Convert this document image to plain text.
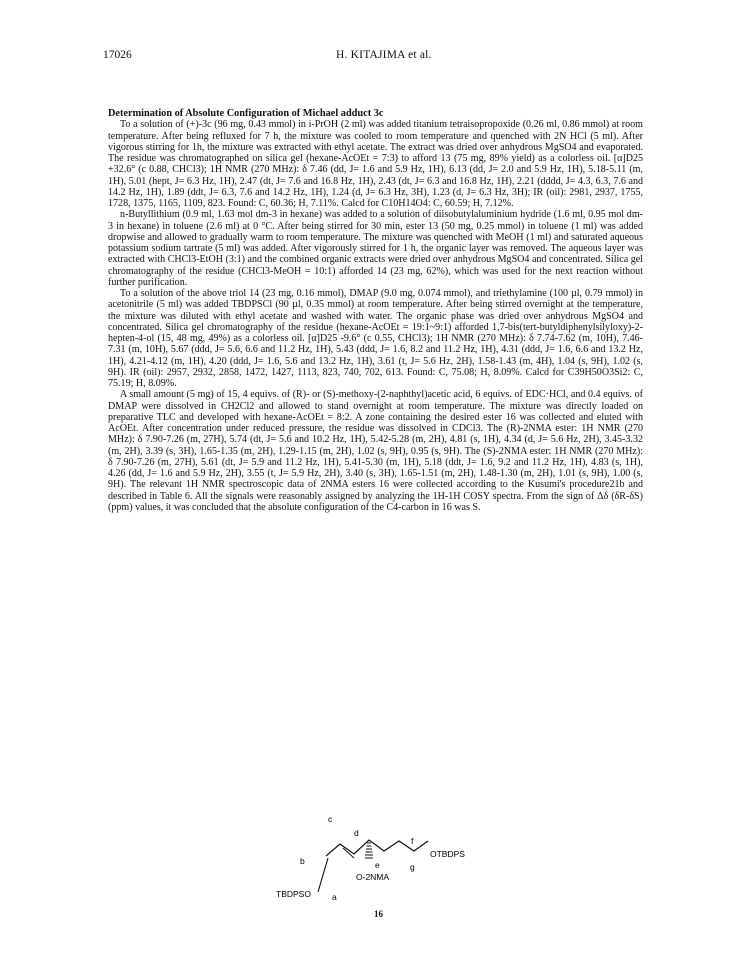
17026	H. KITAJIMA et al.

Determination of Absolute Configuration of Michael adduct 3c

To a solution of (+)-3c (96 mg, 0.43 mmol) in i-PrOH (2 ml) was added titanium tetraisopropoxide (0.26 ml, 0.86 mmol) at room temperature. After being refluxed for 7 h, the mixture was cooled to room temperature and quenched with 2N HCl (5 ml). After vigorous stirring for 1h, the mixture was extracted with ethyl acetate. The extract was dried over anhydrous MgSO4 and evaporated. The residue was chromatographed on silica gel (hexane-AcOEt = 7:3) to afford 13 (75 mg, 89% yield) as a colorless oil. [α]D25 +32.6° (c 0.88, CHCl3); 1H NMR (270 MHz): δ 7.46 (dd, J= 1.6 and 5.9 Hz, 1H), 6.13 (dd, J= 2.0 and 5.9 Hz, 1H), 5.18-5.11 (m, 1H), 5.01 (hept, J= 6.3 Hz, 1H), 2.47 (dt, J= 7.6 and 16.8 Hz, 1H), 2.43 (dt, J= 6.3 and 16.8 Hz, 1H), 2.21 (dddd, J= 4.3, 6.3, 7.6 and 14.2 Hz, 1H), 1.89 (ddt, J= 6.3, 7.6 and 14.2 Hz, 1H), 1.24 (d, J= 6.3 Hz, 3H), 1.23 (d, J= 6.3 Hz, 3H); IR (oil): 2981, 2937, 1755, 1728, 1375, 1165, 1109, 823. Found: C, 60.36; H, 7.11%. Calcd for C10H14O4: C, 60.59; H, 7.12%.

n-Butyllithium (0.9 ml, 1.63 mol dm-3 in hexane) was added to a solution of diisobutylaluminium hydride (1.6 ml, 0.95 mol dm-3 in hexane) in toluene (2.6 ml) at 0 °C. After being stirred for 30 min, ester 13 (50 mg, 0.25 mmol) in toluene (1 ml) was added dropwise and allowed to gradually warm to room temperature. The mixture was quenched with MeOH (1 ml) and saturated aqueous potassium sodium tartrate (5 ml) was added. After vigorously stirred for 1 h, the organic layer was removed. The aqueous layer was extracted with CHCl3-EtOH (3:1) and the combined organic extracts were dried over anhydrous MgSO4 and concentrated. Silica gel chromatography of the residue (CHCl3-MeOH = 10:1) afforded 14 (23 mg, 62%), which was used for the next reaction without further purification.

To a solution of the above triol 14 (23 mg, 0.16 mmol), DMAP (9.0 mg, 0.074 mmol), and triethylamine (100 µl, 0.79 mmol) in acetonitrile (5 ml) was added TBDPSCl (90 µl, 0.35 mmol) at room temperature. After being stirred overnight at the temperature, the mixture was diluted with ethyl acetate and washed with water. The organic phase was dried over anhydrous MgSO4 and concentrated. Silica gel chromatography of the residue (hexane-AcOEt = 19:1~9:1) afforded 1,7-bis(tert-butyldiphenylsilyloxy)-2-hepten-4-ol (15, 48 mg, 49%) as a colorless oil. [α]D25 -9.6° (c 0.55, CHCl3); 1H NMR (270 MHz): δ 7.74-7.62 (m, 10H), 7.46-7.31 (m, 10H), 5.67 (ddd, J= 5.6, 6.6 and 11.2 Hz, 1H), 5.43 (ddd, J= 1.6, 8.2 and 11.2 Hz, 1H), 4.31 (ddd, J= 1.6, 6.6 and 13.2 Hz, 1H), 4.21-4.12 (m, 1H), 4.20 (ddd, J= 1.6, 5.6 and 13.2 Hz, 1H), 3.61 (t, J= 5.6 Hz, 2H), 1.58-1.43 (m, 4H), 1.04 (s, 9H), 1.02 (s, 9H). IR (oil): 2957, 2932, 2858, 1472, 1427, 1113, 823, 740, 702, 613. Found: C, 75.08; H, 8.09%. Calcd for C39H50O3Si2: C, 75.19; H, 8.09%.

A small amount (5 mg) of 15, 4 equivs. of (R)- or (S)-methoxy-(2-naphthyl)acetic acid, 6 equivs. of EDC·HCl, and 0.4 equivs. of DMAP were dissolved in CH2Cl2 and allowed to stand overnight at room temperature. The mixture was directly loaded on preparative TLC and developed with hexane-AcOEt = 8:2. A zone containing the desired ester 16 was collected and eluted with AcOEt. After concentration under reduced pressure, the residue was dissolved in CDCl3. The (R)-2NMA ester: 1H NMR (270 MHz): δ 7.90-7.26 (m, 27H), 5.74 (dt, J= 5.6 and 10.2 Hz, 1H), 5.42-5.28 (m, 2H), 4.81 (s, 1H), 4.34 (d, J= 5.6 Hz, 2H), 3.45-3.32 (m, 2H), 3.39 (s, 3H), 1.65-1.35 (m, 2H), 1.29-1.15 (m, 2H), 1.02 (s, 9H), 0.95 (s, 9H). The (S)-2NMA ester: 1H NMR (270 MHz): δ 7.90-7.26 (m, 27H), 5.61 (dt, J= 5.9 and 11.2 Hz, 1H), 5.41-5.30 (m, 1H), 5.18 (ddt, J= 1.6, 9.2 and 11.2 Hz, 1H), 4.83 (s, 1H), 4.26 (dd, J= 1.6 and 5.9 Hz, 2H), 3.55 (t, J= 5.9 Hz, 2H), 3.40 (s, 3H), 1.65-1.51 (m, 2H), 1.48-1.30 (m, 2H), 1.01 (s, 9H), 1.00 (s, 9H). The relevant 1H NMR spectroscopic data of 2NMA esters 16 were collected according to the Kusumi's procedure21b and described in Table 6. All the signals were reasonably assigned by analyzing the 1H-1H COSY spectra. From the sign of Δδ (δR-δS) (ppm) values, it was concluded that the absolute configuration of the C4-carbon in 16 was S.

b
c
d
e
f
g
a
OTBDPS
O-2NMA
TBDPSO
16
